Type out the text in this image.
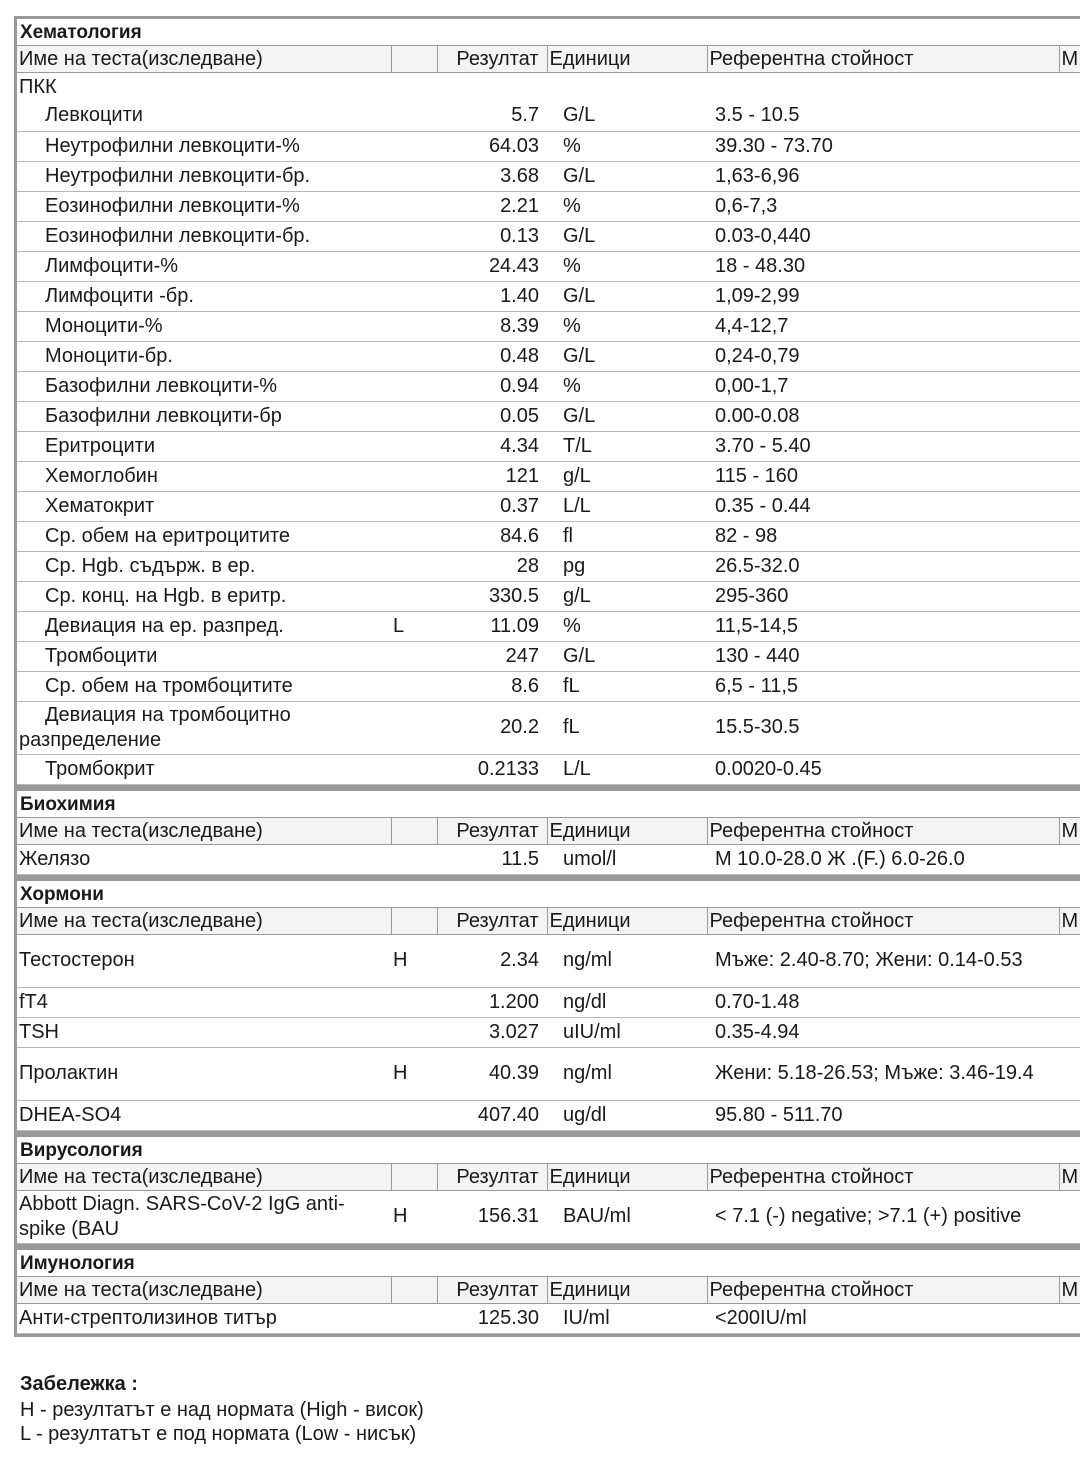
Хематология
Име на теста(изследване)		Резултат	Единици	Референтна стойност	М
ПКК					
Левкоцити		5.7	G/L	3.5 - 10.5	
Неутрофилни левкоцити-%		64.03	%	39.30 - 73.70	
Неутрофилни левкоцити-бр.		3.68	G/L	1,63-6,96	
Еозинофилни левкоцити-%		2.21	%	0,6-7,3	
Еозинофилни левкоцити-бр.		0.13	G/L	0.03-0,440	
Лимфоцити-%		24.43	%	18 - 48.30	
Лимфоцити -бр.		1.40	G/L	1,09-2,99	
Моноцити-%		8.39	%	4,4-12,7	
Моноцити-бр.		0.48	G/L	0,24-0,79	
Базофилни левкоцити-%		0.94	%	0,00-1,7	
Базофилни левкоцити-бр		0.05	G/L	0.00-0.08	
Еритроцити		4.34	T/L	3.70 - 5.40	
Хемоглобин		121	g/L	115 - 160	
Хематокрит		0.37	L/L	0.35 - 0.44	
Ср. обем на еритроцитите		84.6	fl	82 - 98	
Ср. Hgb. съдърж. в ер.		28	pg	26.5-32.0	
Ср. конц. на Hgb. в еритр.		330.5	g/L	295-360	
Девиация на ер. разпред.	L	11.09	%	11,5-14,5	
Тромбоцити		247	G/L	130 - 440	
Ср. обем на тромбоцитите		8.6	fL	6,5 - 11,5	
Девиация на тромбоцитно разпределение		20.2	fL	15.5-30.5	
Тромбокрит		0.2133	L/L	0.0020-0.45	
Биохимия
Име на теста(изследване)		Резултат	Единици	Референтна стойност	М
Желязо		11.5	umol/l	М 10.0-28.0 Ж .(F.) 6.0-26.0	
Хормони
Име на теста(изследване)		Резултат	Единици	Референтна стойност	М
Тестостерон	Н	2.34	ng/ml	Мъже: 2.40-8.70; Жени: 0.14-0.53	
fT4		1.200	ng/dl	0.70-1.48	
TSH		3.027	uIU/ml	0.35-4.94	
Пролактин	Н	40.39	ng/ml	Жени: 5.18-26.53; Мъже: 3.46-19.4	
DHEA-SO4		407.40	ug/dl	95.80 - 511.70	
Вирусология
Име на теста(изследване)		Резултат	Единици	Референтна стойност	М
Abbott Diagn. SARS-CoV-2 IgG anti-spike (BAU	Н	156.31	BAU/ml	< 7.1 (-) negative; >7.1 (+) positive	
Имунология
Име на теста(изследване)		Резултат	Единици	Референтна стойност	М
Анти-стрептолизинов титър		125.30	IU/ml	<200IU/ml	
Забележка :
Н - резултатът е над нормата (High - висок)
L - резултатът е под нормата (Low - нисък)
